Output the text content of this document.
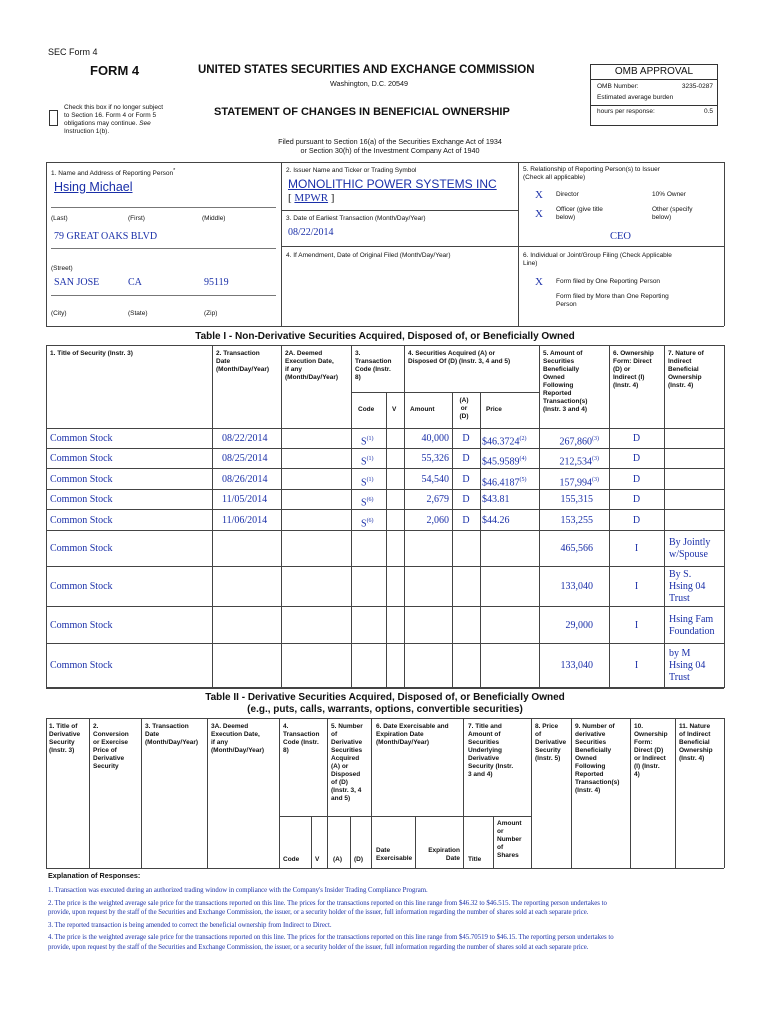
SEC Form 4
FORM 4	UNITED STATES SECURITIES AND EXCHANGE COMMISSION
Washington, D.C. 20549
STATEMENT OF CHANGES IN BENEFICIAL OWNERSHIP
Check this box if no longer subject
to Section 16. Form 4 or Form 5
obligations may continue. See
Instruction 1(b).
Filed pursuant to Section 16(a) of the Securities Exchange Act of 1934
or Section 30(h) of the Investment Company Act of 1940
OMB APPROVAL
OMB Number:	3235-0287
Estimated average burden
hours per response:	0.5
1. Name and Address of Reporting Person*
Hsing Michael
(Last)	(First)	(Middle)
79 GREAT OAKS BLVD
(Street)
SAN JOSE	CA	95119
(City)	(State)	(Zip)
2. Issuer Name and Ticker or Trading Symbol
MONOLITHIC POWER SYSTEMS INC
[ MPWR ]
3. Date of Earliest Transaction (Month/Day/Year)
08/22/2014
4. If Amendment, Date of Original Filed (Month/Day/Year)
5. Relationship of Reporting Person(s) to Issuer
(Check all applicable)
X Director	10% Owner
X Officer (give title
below)
Other (specify
below)
CEO
6. Individual or Joint/Group Filing (Check Applicable
Line)
X Form filed by One Reporting Person
Form filed by More than One Reporting
Person
Table I - Non-Derivative Securities Acquired, Disposed of, or Beneficially Owned
1. Title of Security (Instr. 3)	2. Transaction
Date
(Month/Day/Year)
2A. Deemed
Execution Date,
if any
(Month/Day/Year)
3.
Transaction
Code (Instr.
8)
4. Securities Acquired (A) or
Disposed Of (D) (Instr. 3, 4 and 5)
5. Amount of
Securities
Beneficially
Owned
Following
Reported
Transaction(s)
(Instr. 3 and 4)
6. Ownership
Form: Direct
(D) or
Indirect (I)
(Instr. 4)
7. Nature of
Indirect
Beneficial
Ownership
(Instr. 4)
Code	V Amount
(A)
or
(D)
Price
Common Stock	08/22/2014	$S^{(1)}$	40,000	D	$46.3724$^{(2)}$	267,860$^{(3)}$	D
Common Stock	08/25/2014	$S^{(1)}$	55,326	D	$45.9589$^{(4)}$	212,534$^{(3)}$	D
Common Stock	08/26/2014	$S^{(1)}$	54,540	D	$46.4187$^{(5)}$	157,994$^{(3)}$	D
Common Stock	11/05/2014	$S^{(6)}$	2,679	D	$43.81	155,315	D
Common Stock	11/06/2014	$S^{(6)}$	2,060	D	$44.26	153,255	D
Common Stock	465,566	I
By Jointly
w/Spouse
Common Stock	133,040	I
By S.
Hsing 04
Trust
Common Stock	29,000	I
Hsing Fam
Foundation
Common Stock	133,040	I
by M
Hsing 04
Trust
Table II - Derivative Securities Acquired, Disposed of, or Beneficially Owned
(e.g., puts, calls, warrants, options, convertible securities)
1. Title of
Derivative
Security
(Instr. 3)
2.
Conversion
or Exercise
Price of
Derivative
Security
3. Transaction
Date
(Month/Day/Year)
3A. Deemed
Execution Date,
if any
(Month/Day/Year)
4.
Transaction
Code (Instr.
8)
5. Number
of
Derivative
Securities
Acquired
(A) or
Disposed
of (D)
(Instr. 3, 4
and 5)
6. Date Exercisable and
Expiration Date
(Month/Day/Year)
7. Title and
Amount of
Securities
Underlying
Derivative
Security (Instr.
3 and 4)
8. Price
of
Derivative
Security
(Instr. 5)
9. Number of
derivative
Securities
Beneficially
Owned
Following
Reported
Transaction(s)
(Instr. 4)
10.
Ownership
Form:
Direct (D)
or Indirect
(I) (Instr.
4)
11. Nature
of Indirect
Beneficial
Ownership
(Instr. 4)
Code V (A) (D)
Date
Exercisable
Expiration
Date Title
Amount
or
Number
of
Shares
Explanation of Responses:
1. Transaction was executed during an authorized trading window in compliance with the Company's Insider Trading Compliance Program.
2. The price is the weighted average sale price for the transactions reported on this line. The prices for the transactions reported on this line range from $46.32 to $46.515. The reporting person undertakes to
provide, upon request by the staff of the Securities and Exchange Commission, the issuer, or a security holder of the issuer, full information regarding the number of shares sold at each separate price.
3. The reported transaction is being amended to correct the beneficial ownership from Indirect to Direct.
4. The price is the weighted average sale price for the transactions reported on this line. The prices for the transactions reported on this line range from $45.70519 to $46.15. The reporting person undertakes to
provide, upon request by the staff of the Securities and Exchange Commission, the issuer, or a security holder of the issuer, full information regarding the number of shares sold at each separate price.
